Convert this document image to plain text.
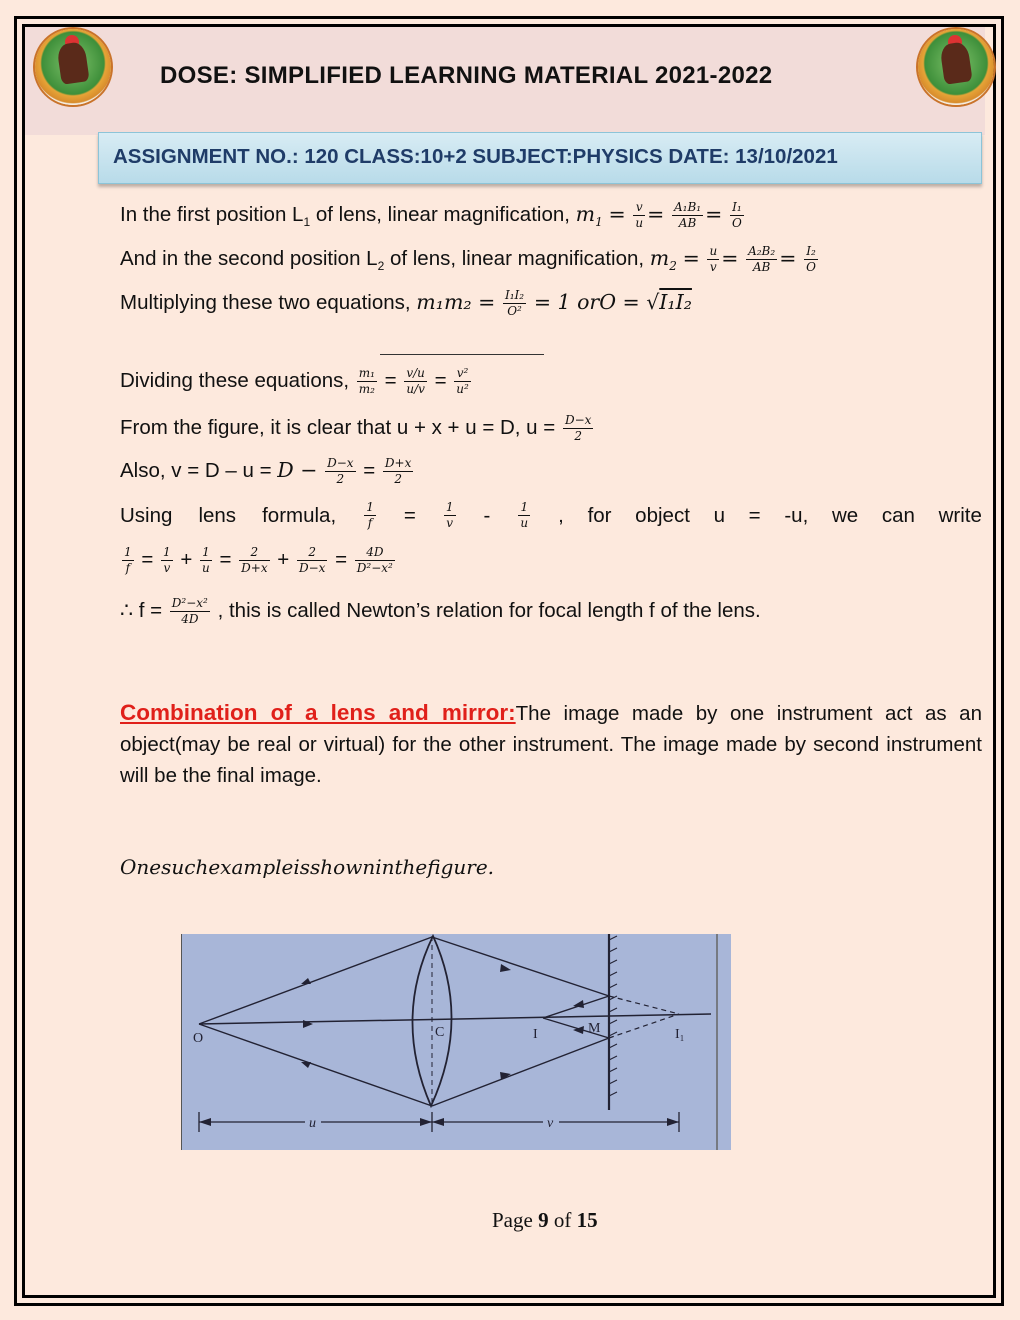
DOSE: SIMPLIFIED LEARNING MATERIAL 2021-2022
ASSIGNMENT NO.: 120 CLASS:10+2 SUBJECT:PHYSICS DATE: 13/10/2021
In the first position $L_1$ of lens, linear magnification, $m_1 = \frac{v}{u} = \frac{\text{A₁B₁}}{AB} = \frac{\text{I₁}}{O}$
And in the second position $L_2$ of lens, linear magnification, $m_2 = \frac{u}{v} = \frac{\text{A₂B₂}}{AB} = \frac{\text{I₂}}{O}$
Multiplying these two equations, $m_1m_2 = \frac{\text{I₁I₂}}{\text{O²}} = 1$ orO = √I₁I₂
Dividing these equations, $\frac{\text{m₁}}{\text{m₂}} = \frac{v/u}{u/v} = \frac{\text{v²}}{\text{u²}}$
From the figure, it is clear that u + x + u = D, $u = \frac{D-x}{2}$
Also, $v = D - u = D - \frac{D-x}{2} = \frac{D+x}{2}$
Using lens formula, $\frac{1}{f} = \frac{1}{v} - \frac{1}{u}$ , for object u = -u, we can write
$\frac{1}{f} = \frac{1}{v} + \frac{1}{u} = \frac{2}{D+x} + \frac{2}{D-x} = \frac{4D}{\text{D²−x²}}$
∴ $f = \frac{\text{D²−x²}}{4D}$ , this is called Newton’s relation for focal length f of the lens.
Combination of a lens and mirror:The image made by one instrument act as an object(may be real or virtual) for the other instrument. The image made by second instrument will be the final image.
Onesuchexampleisshowninthefigure.
O	C	I	M	I₁
u	v
Page 9 of 15
